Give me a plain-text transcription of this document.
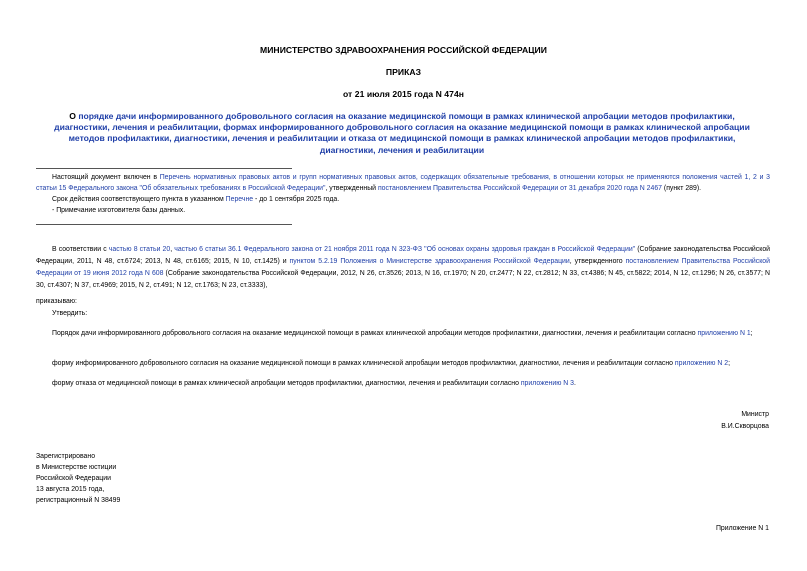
МИНИСТЕРСТВО ЗДРАВООХРАНЕНИЯ РОССИЙСКОЙ ФЕДЕРАЦИИ
ПРИКАЗ
от 21 июля 2015 года N 474н
О порядке дачи информированного добровольного согласия на оказание медицинской помощи в рамках клинической апробации методов профилактики, диагностики, лечения и реабилитации, формах информированного добровольного согласия на оказание медицинской помощи в рамках клинической апробации методов профилактики, диагностики, лечения и реабилитации и отказа от медицинской помощи в рамках клинической апробации методов профилактики, диагностики, лечения и реабилитации

Настоящий документ включен в Перечень нормативных правовых актов и групп нормативных правовых актов, содержащих обязательные требования, в отношении которых не применяются положения частей 1, 2 и 3 статьи 15 Федерального закона "Об обязательных требованиях в Российской Федерации", утвержденный постановлением Правительства Российской Федерации от 31 декабря 2020 года N 2467 (пункт 289).

Срок действия соответствующего пункта в указанном Перечне - до 1 сентября 2025 года.

- Примечание изготовителя базы данных.

В соответствии с частью 8 статьи 20, частью 6 статьи 36.1 Федерального закона от 21 ноября 2011 года N 323-ФЗ "Об основах охраны здоровья граждан в Российской Федерации" (Собрание законодательства Российской Федерации, 2011, N 48, ст.6724; 2013, N 48, ст.6165; 2015, N 10, ст.1425) и пунктом 5.2.19 Положения о Министерстве здравоохранения Российской Федерации, утвержденного постановлением Правительства Российской Федерации от 19 июня 2012 года N 608 (Собрание законодательства Российской Федерации, 2012, N 26, ст.3526; 2013, N 16, ст.1970; N 20, ст.2477; N 22, ст.2812; N 33, ст.4386; N 45, ст.5822; 2014, N 12, ст.1296; N 26, ст.3577; N 30, ст.4307; N 37, ст.4969; 2015, N 2, ст.491; N 12, ст.1763; N 23, ст.3333),

приказываю:
Утвердить:

Порядок дачи информированного добровольного согласия на оказание медицинской помощи в рамках клинической апробации методов профилактики, диагностики, лечения и реабилитации согласно приложению N 1;

форму информированного добровольного согласия на оказание медицинской помощи в рамках клинической апробации методов профилактики, диагностики, лечения и реабилитации согласно приложению N 2;

форму отказа от медицинской помощи в рамках клинической апробации методов профилактики, диагностики, лечения и реабилитации согласно приложению N 3.

Министр
В.И.Скворцова
Зарегистрировано
в Министерстве юстиции
Российской Федерации
13 августа 2015 года,
регистрационный N 38499
Приложение N 1
